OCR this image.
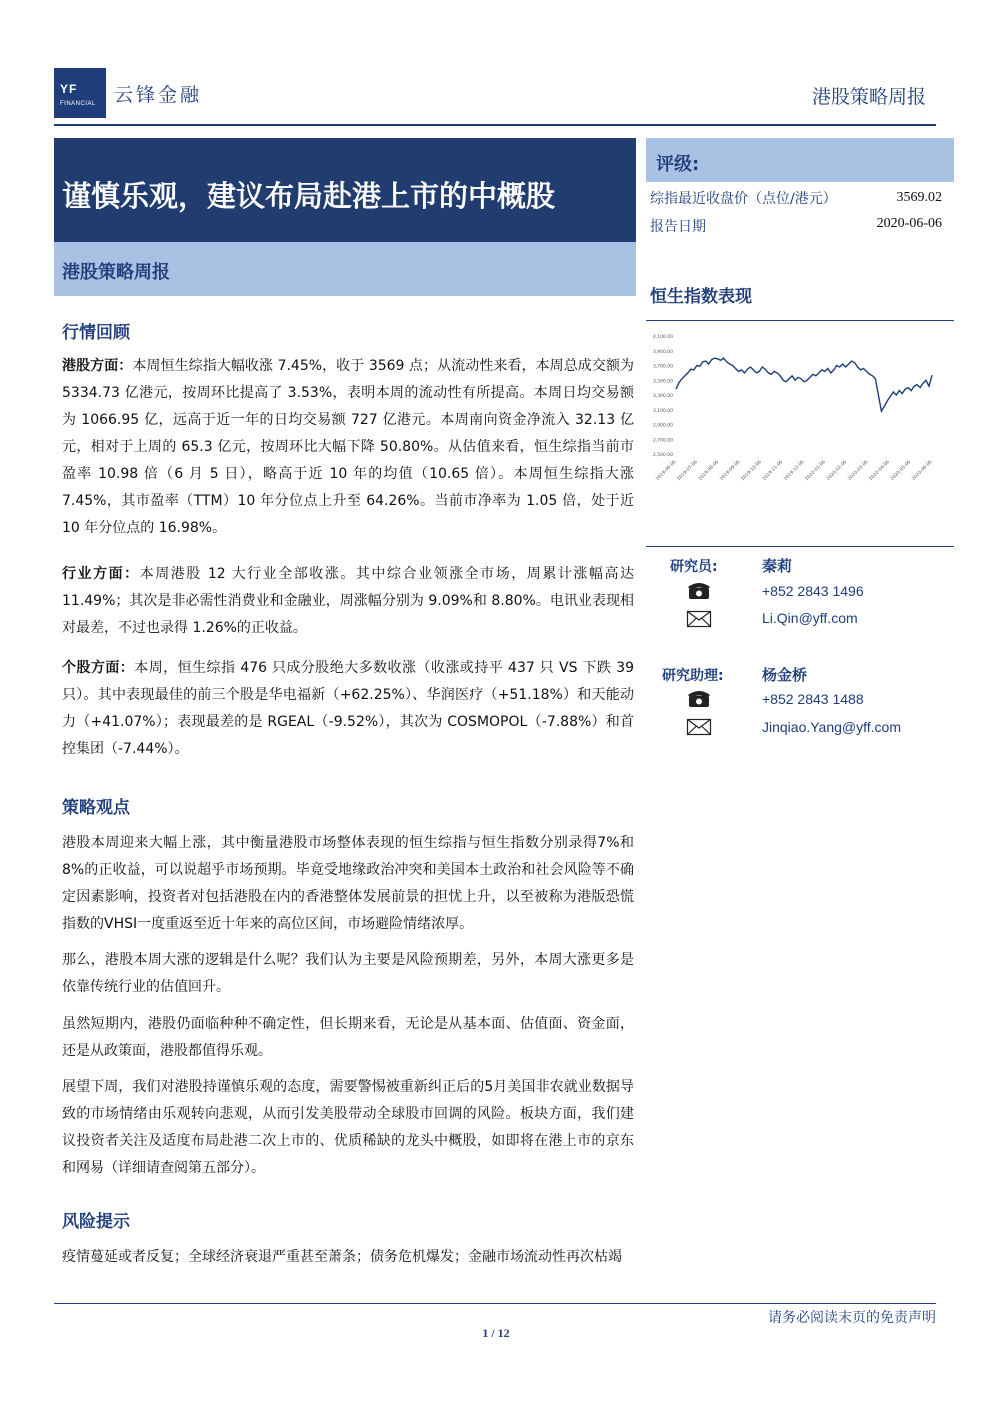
YF
FINANCIAL 云锋金融	港股策略周报
谨慎乐观，建议布局赴港上市的中概股
港股策略周报
评级:
综指最近收盘价（点位/港元）	3569.02
报告日期	2020-06-06
恒生指数表现
4,100.00
3,900.00
3,700.00
3,500.00
3,300.00
3,100.00
2,900.00
2,700.00
2,500.00
2019-06-06 2019-07-06 2019-08-06 2019-09-06 2019-10-06 2019-11-06 2019-12-06 2020-01-06 2020-02-06 2020-03-06 2020-04-06 2020-05-06 2020-06-06
研究员:	秦莉
+852 2843 1496
Li.Qin@yff.com
研究助理:	杨金桥
+852 2843 1488
Jinqiao.Yang@yff.com
行情回顾
港股方面：本周恒生综指大幅收涨 7.45%，收于 3569 点；从流动性来看，本周总成交额为 5334.73 亿港元，按周环比提高了 3.53%，表明本周的流动性有所提高。本周日均交易额为 1066.95 亿，远高于近一年的日均交易额 727 亿港元。本周南向资金净流入 32.13 亿元，相对于上周的 65.3 亿元，按周环比大幅下降 50.80%。从估值来看，恒生综指当前市盈率 10.98 倍（6 月 5 日），略高于近 10 年的均值（10.65 倍）。本周恒生综指大涨 7.45%，其市盈率（TTM）10 年分位点上升至 64.26%。当前市净率为 1.05 倍，处于近 10 年分位点的 16.98%。
行业方面：本周港股 12 大行业全部收涨。其中综合业领涨全市场，周累计涨幅高达 11.49%；其次是非必需性消费业和金融业，周涨幅分别为 9.09%和 8.80%。电讯业表现相对最差，不过也录得 1.26%的正收益。
个股方面：本周，恒生综指 476 只成分股绝大多数收涨（收涨或持平 437 只 VS 下跌 39 只）。其中表现最佳的前三个股是华电福新（+62.25%）、华润医疗（+51.18%）和天能动力（+41.07%）；表现最差的是 RGEAL（-9.52%），其次为 COSMOPOL（-7.88%）和首控集团（-7.44%）。
策略观点
港股本周迎来大幅上涨，其中衡量港股市场整体表现的恒生综指与恒生指数分别录得7%和8%的正收益，可以说超乎市场预期。毕竟受地缘政治冲突和美国本土政治和社会风险等不确定因素影响，投资者对包括港股在内的香港整体发展前景的担忧上升，以至被称为港版恐慌指数的VHSI一度重返至近十年来的高位区间，市场避险情绪浓厚。
那么，港股本周大涨的逻辑是什么呢？我们认为主要是风险预期差，另外，本周大涨更多是依靠传统行业的估值回升。
虽然短期内，港股仍面临种种不确定性，但长期来看，无论是从基本面、估值面、资金面，还是从政策面，港股都值得乐观。
展望下周，我们对港股持谨慎乐观的态度，需要警惕被重新纠正后的5月美国非农就业数据导致的市场情绪由乐观转向悲观，从而引发美股带动全球股市回调的风险。板块方面，我们建议投资者关注及适度布局赴港二次上市的、优质稀缺的龙头中概股，如即将在港上市的京东和网易（详细请查阅第五部分）。
风险提示
疫情蔓延或者反复；全球经济衰退严重甚至萧条；债务危机爆发；金融市场流动性再次枯竭
请务必阅读末页的免责声明
1 / 12
